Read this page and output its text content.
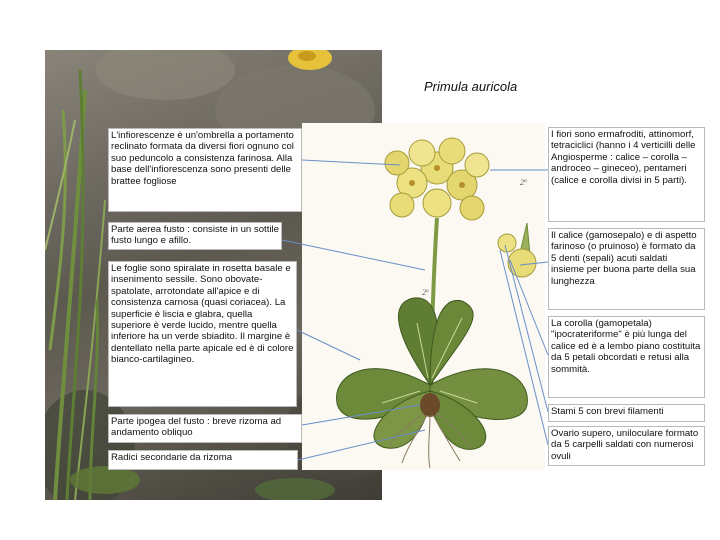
Primula auricola
2ª
2ª
L'infiorescenze è un'ombrella a portamento reclinato formata da diversi fiori ognuno col suo peduncolo a consistenza farinosa. Alla base dell'infiorescenza sono presenti delle brattee fogliose
Parte aerea fusto : consiste in un sottile fusto lungo e afillo.
Le foglie sono spiralate in rosetta basale e insenimento sessile. Sono obovate-spatolate, arrotondate all'apice e di consistenza carnosa (quasi coriacea). La superficie è liscia e glabra, quella superiore è verde lucido, mentre quella inferiore ha un verde sbiadito. Il margine è dentellato nella parte apicale ed è di colore bianco-cartilagineo.
Parte ipogea del fusto : breve rizoma ad andamento obliquo
Radici secondarie da rizoma
I fiori sono ermafroditi, attinomorf, tetraciclici (hanno i 4 verticilli delle Angiosperme : calice – corolla – androceo – gineceo), pentameri (calice e corolla divisi in 5 parti).
Il calice (gamosepalo) e di aspetto farinoso (o pruinoso) è formato da 5 denti (sepali) acuti saldati insieme per buona parte della sua lunghezza
La corolla (gamopetala) "ipocrateriforme" è più lunga del calice ed è a lembo piano costituita da 5 petali obcordati e retusi alla sommità.
Stami 5 con brevi filamenti
Ovario supero, uniloculare formato da 5 carpelli saldati con numerosi ovuli
